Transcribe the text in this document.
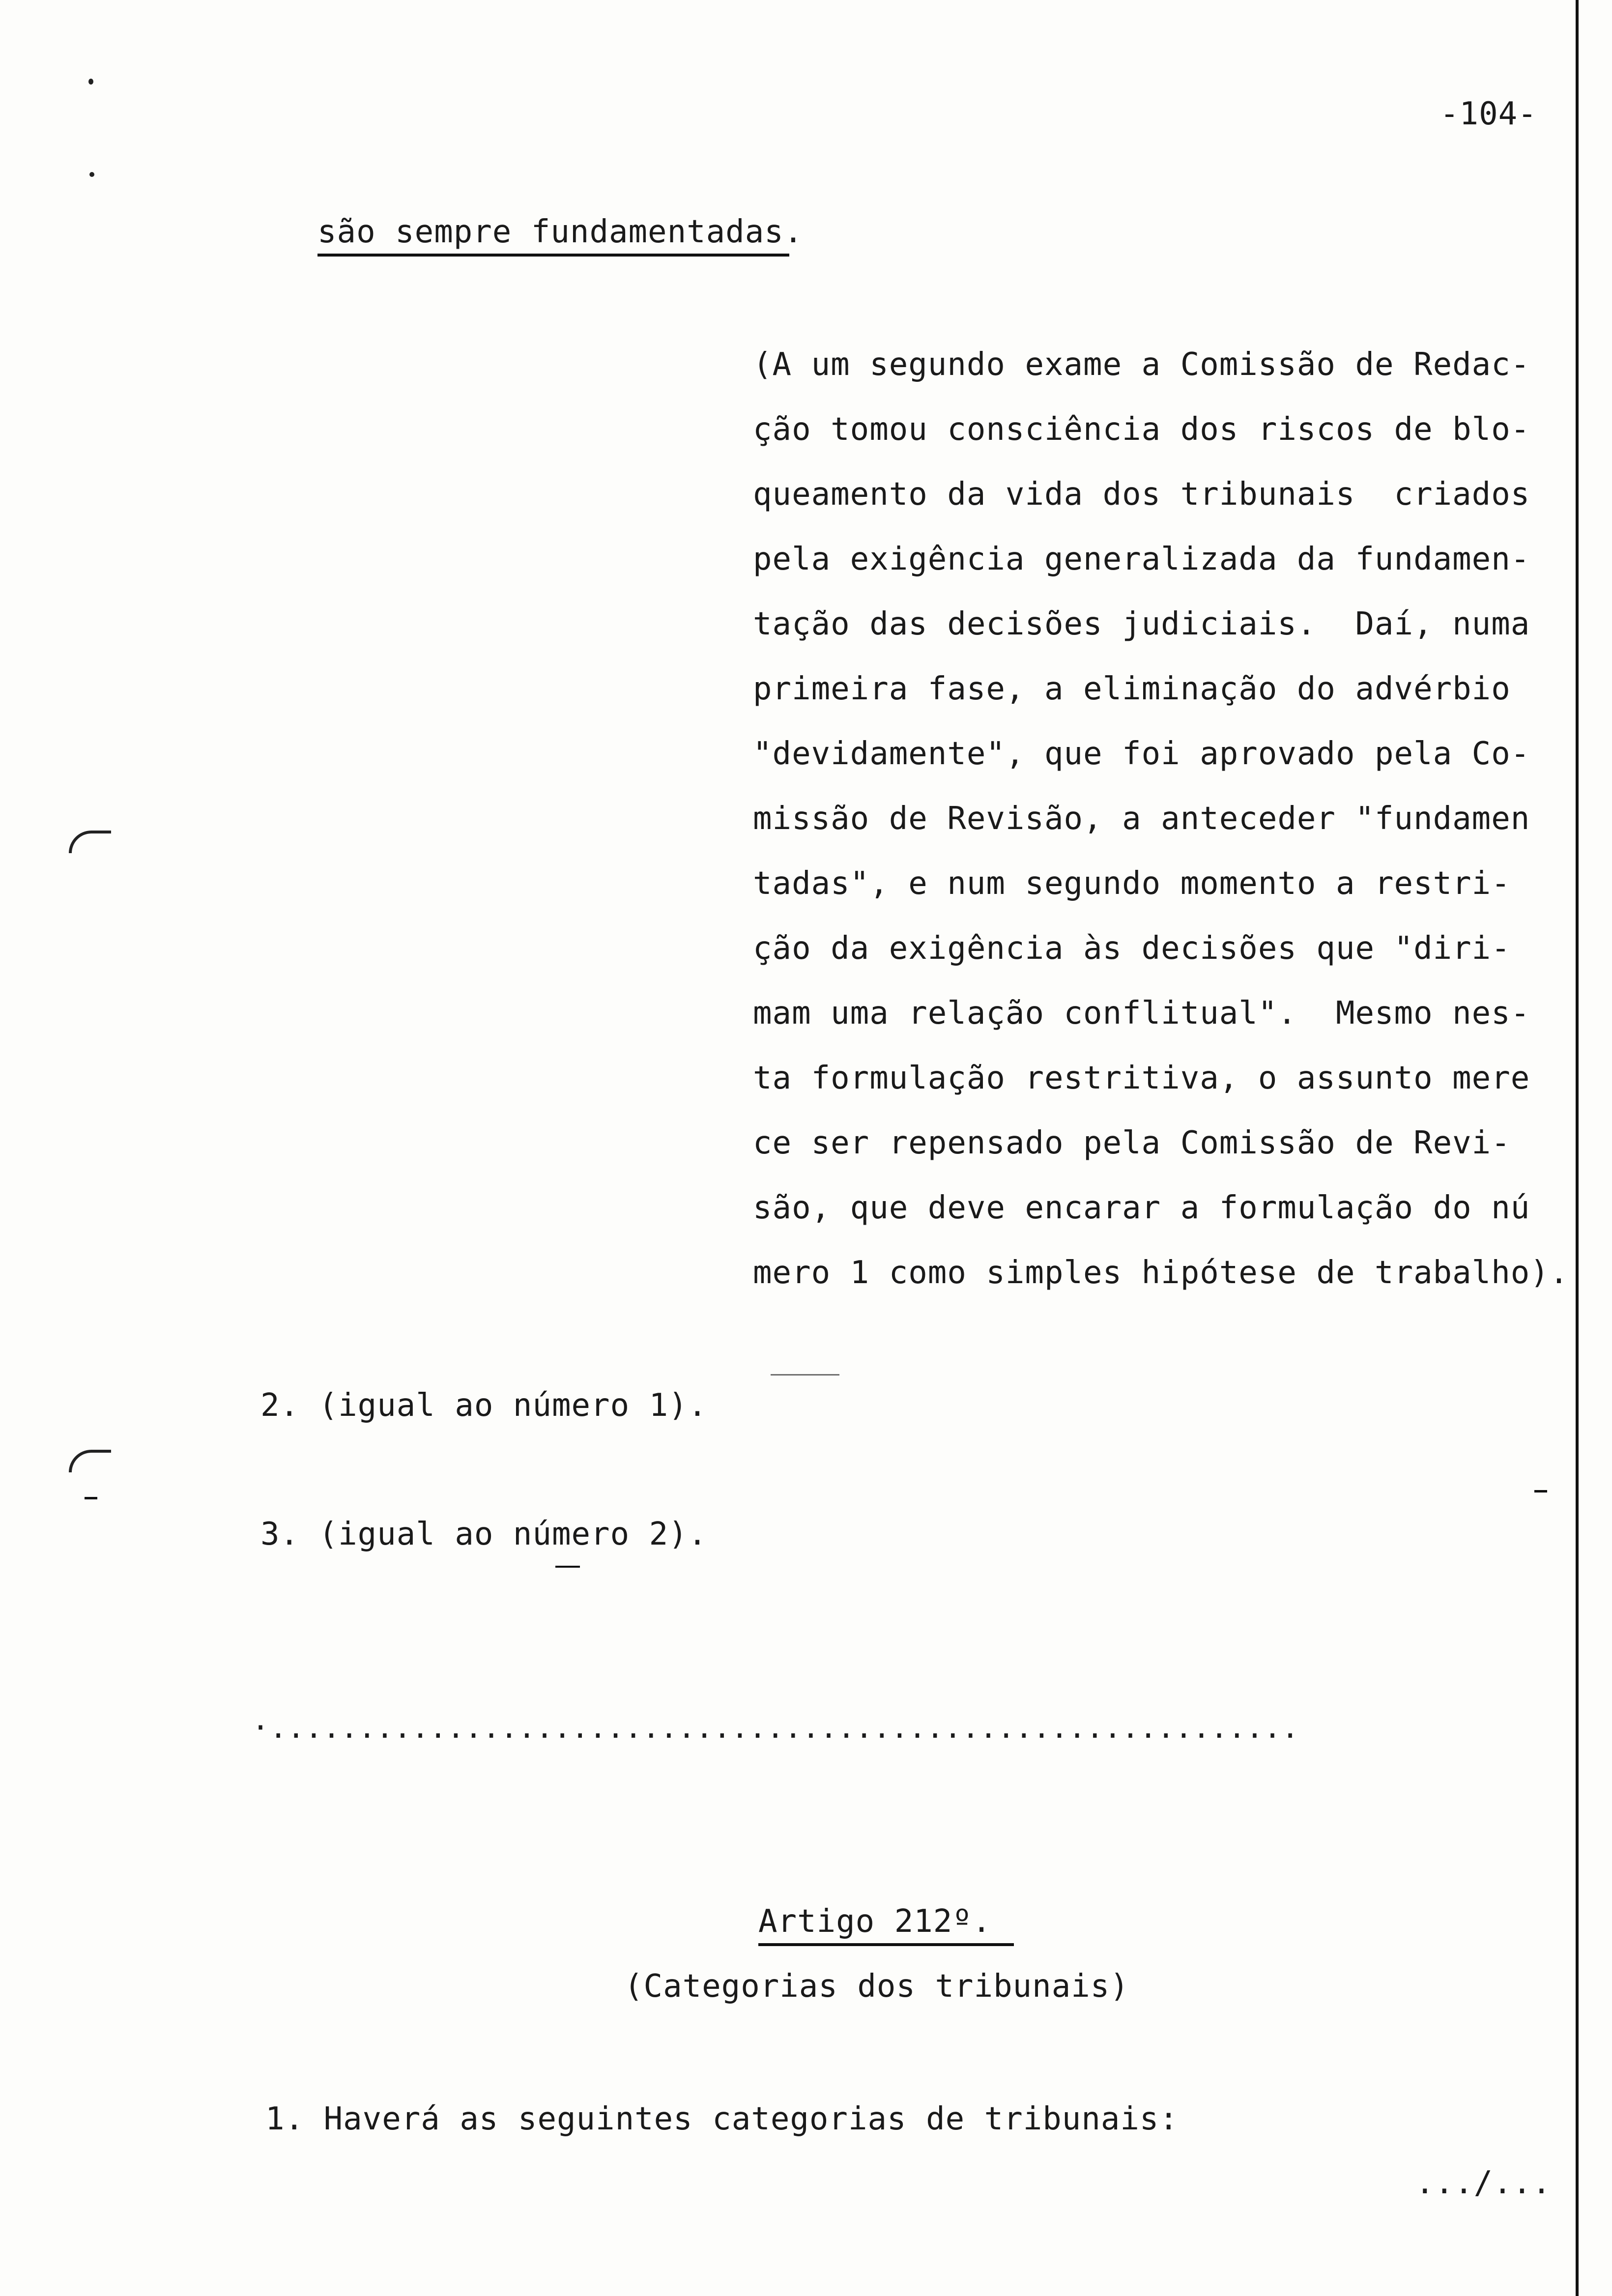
-104-
são sempre fundamentadas.
(A um segundo exame a Comissão de Redac-
ção tomou consciência dos riscos de blo-
queamento da vida dos tribunais  criados
pela exigência generalizada da fundamen-
tação das decisões judiciais.  Daí, numa
primeira fase, a eliminação do advérbio
"devidamente", que foi aprovado pela Co-
missão de Revisão, a anteceder "fundamen
tadas", e num segundo momento a restri-
ção da exigência às decisões que "diri-
mam uma relação conflitual".  Mesmo nes-
ta formulação restritiva, o assunto mere
ce ser repensado pela Comissão de Revi-
são, que deve encarar a formulação do nú
mero 1 como simples hipótese de trabalho).
2. (igual ao número 1).
3. (igual ao número 2).
·..........................................................
Artigo 212º.
(Categorias dos tribunais)
1. Haverá as seguintes categorias de tribunais:
.../...
